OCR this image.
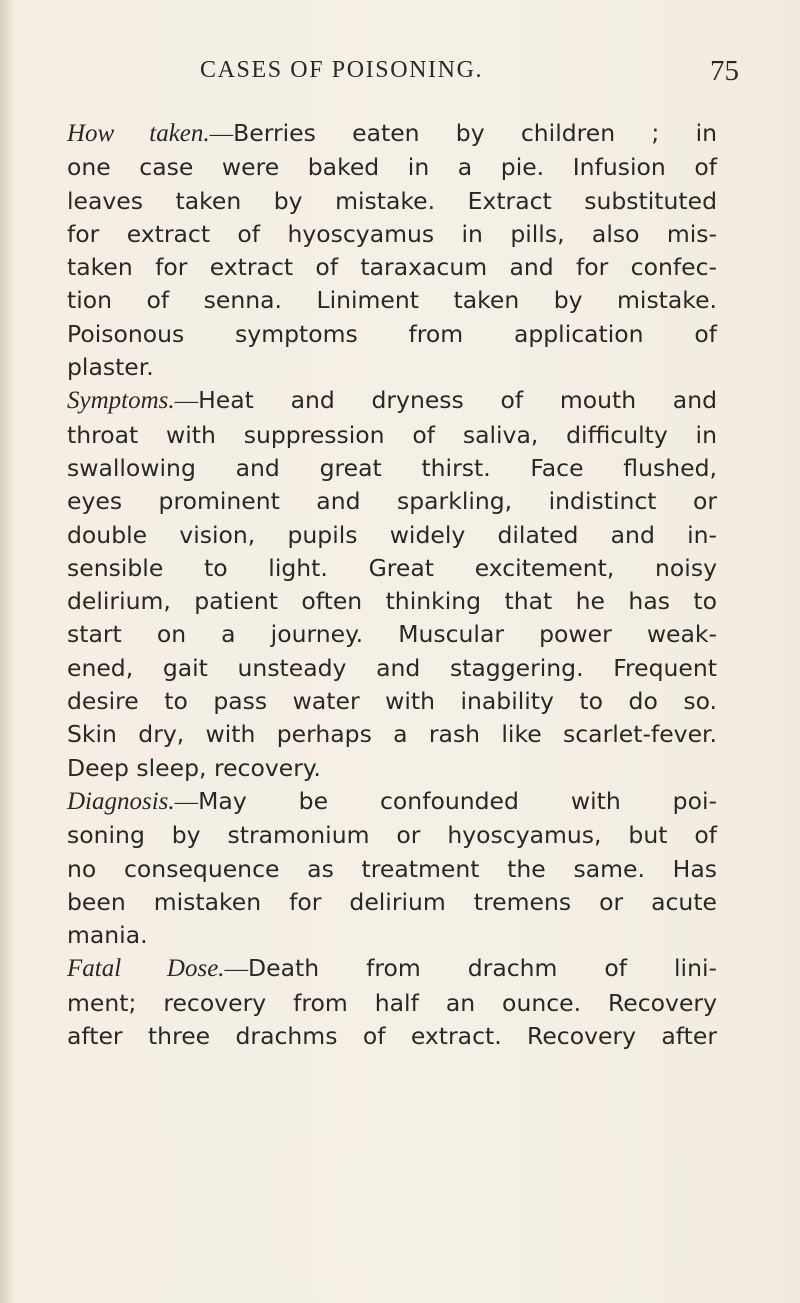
CASES OF POISONING.	75
How taken.—Berries eaten by children ; in
one case were baked in a pie. Infusion of
leaves taken by mistake. Extract substituted
for extract of hyoscyamus in pills, also mis-
taken for extract of taraxacum and for confec-
tion of senna. Liniment taken by mistake.
Poisonous symptoms from application of
plaster.
Symptoms.—Heat and dryness of mouth and
throat with suppression of saliva, difficulty in
swallowing and great thirst. Face flushed,
eyes prominent and sparkling, indistinct or
double vision, pupils widely dilated and in-
sensible to light. Great excitement, noisy
delirium, patient often thinking that he has to
start on a journey. Muscular power weak-
ened, gait unsteady and staggering. Frequent
desire to pass water with inability to do so.
Skin dry, with perhaps a rash like scarlet-fever.
Deep sleep, recovery.
Diagnosis.—May be confounded with poi-
soning by stramonium or hyoscyamus, but of
no consequence as treatment the same. Has
been mistaken for delirium tremens or acute
mania.
Fatal Dose.—Death from drachm of lini-
ment; recovery from half an ounce. Recovery
after three drachms of extract. Recovery after
